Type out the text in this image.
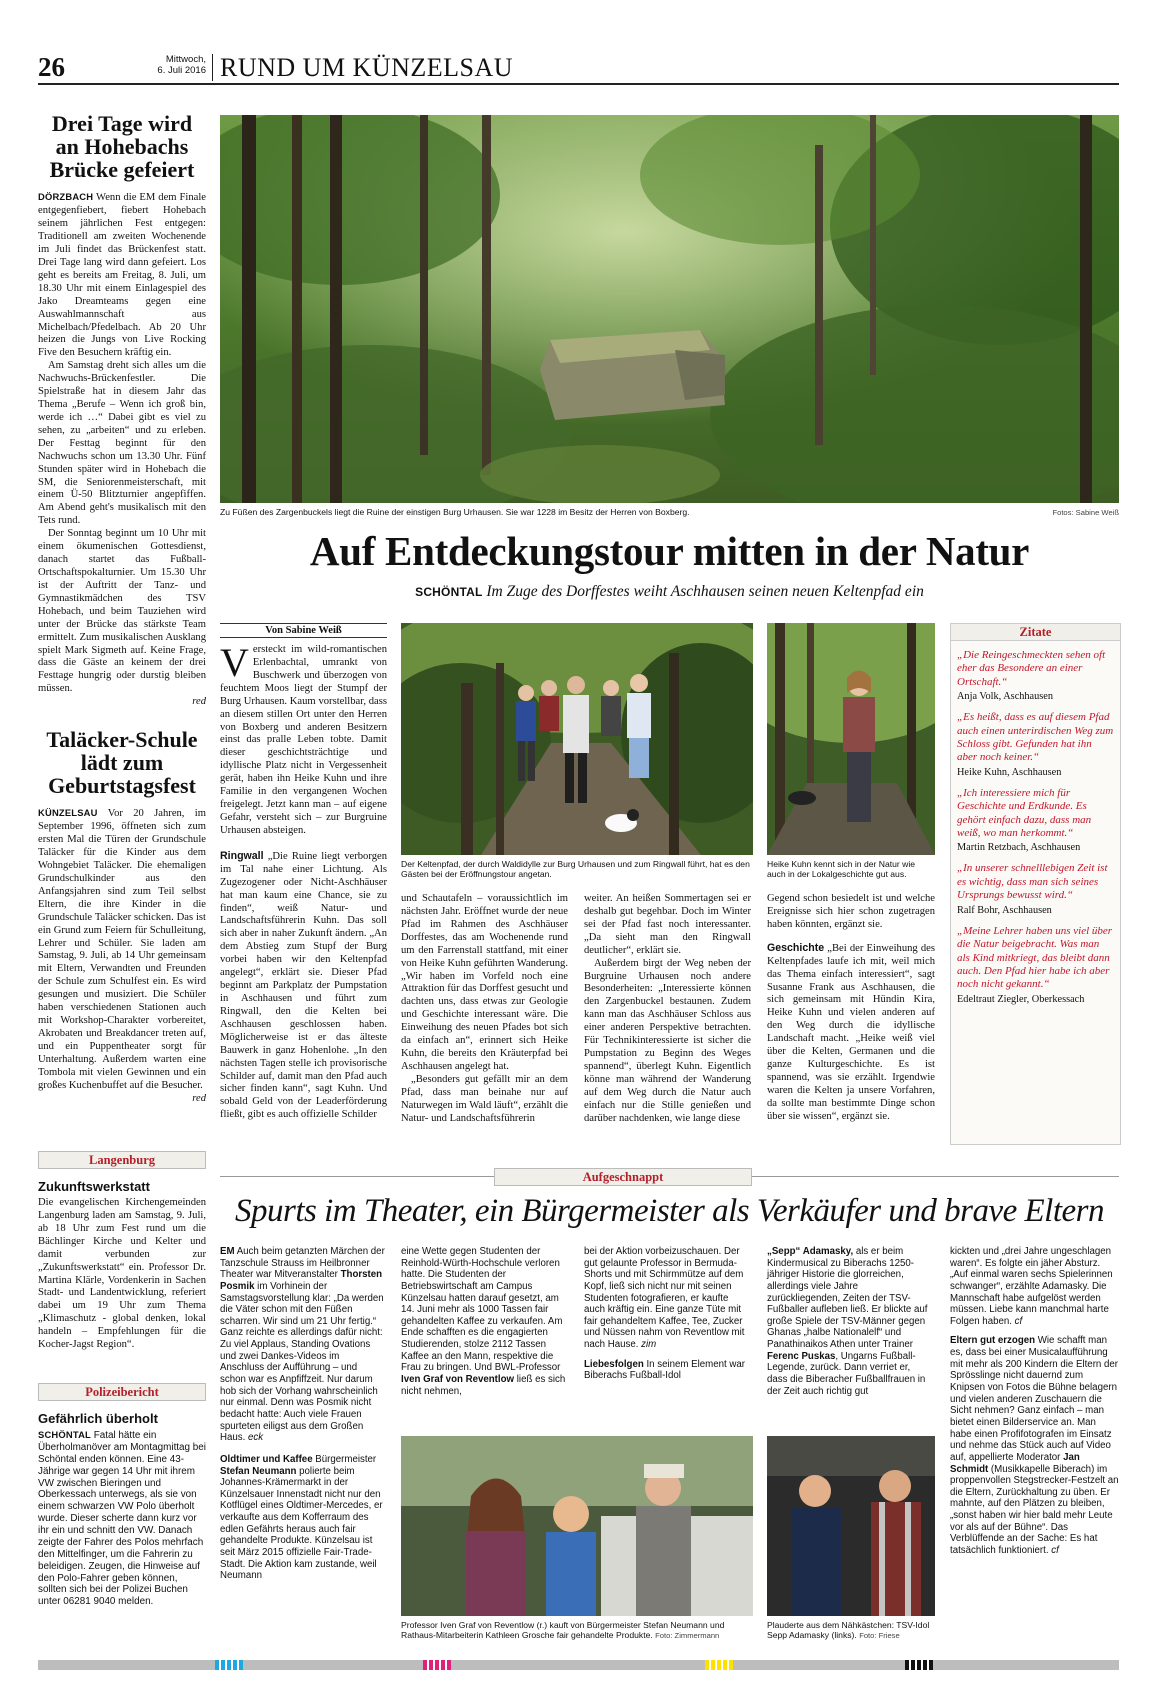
26	Mittwoch,
6. Juli 2016 RUND UM KÜNZELSAU
Drei Tage wird
an Hohebachs
Brücke gefeiert

DÖRZBACH Wenn die EM dem Finale entgegenfiebert, fiebert Hohebach seinem jährlichen Fest entgegen: Traditionell am zweiten Wochenende im Juli findet das Brückenfest statt. Drei Tage lang wird dann gefeiert. Los geht es bereits am Freitag, 8. Juli, um 18.30 Uhr mit einem Einlagespiel des Jako Dreamteams gegen eine Auswahlmannschaft aus Michelbach/Pfedelbach. Ab 20 Uhr heizen die Jungs von Live Rocking Five den Besuchern kräftig ein.

Am Samstag dreht sich alles um die Nachwuchs-Brückenfestler. Die Spielstraße hat in diesem Jahr das Thema „Berufe – Wenn ich groß bin, werde ich …“ Dabei gibt es viel zu sehen, zu „arbeiten“ und zu erleben. Der Festtag beginnt für den Nachwuchs schon um 13.30 Uhr. Fünf Stunden später wird in Hohebach die SM, die Seniorenmeisterschaft, mit einem Ü-50 Blitzturnier angepfiffen. Am Abend geht's musikalisch mit den Tets rund.

Der Sonntag beginnt um 10 Uhr mit einem ökumenischen Gottesdienst, danach startet das Fußball-Ortschaftspokalturnier. Um 15.30 Uhr ist der Auftritt der Tanz- und Gymnastikmädchen des TSV Hohebach, und beim Tauziehen wird unter der Brücke das stärkste Team ermittelt. Zum musikalischen Ausklang spielt Mark Sigmeth auf. Keine Frage, dass die Gäste an keinem der drei Festtage hungrig oder durstig bleiben müssen.

red
Taläcker-Schule
lädt zum
Geburtstagsfest

KÜNZELSAU Vor 20 Jahren, im September 1996, öffneten sich zum ersten Mal die Türen der Grundschule Taläcker für die Kinder aus dem Wohngebiet Taläcker. Die ehemaligen Grundschulkinder aus den Anfangsjahren sind zum Teil selbst Eltern, die ihre Kinder in die Grundschule Taläcker schicken. Das ist ein Grund zum Feiern für Schulleitung, Lehrer und Schüler. Sie laden am Samstag, 9. Juli, ab 14 Uhr gemeinsam mit Eltern, Verwandten und Freunden der Schule zum Schulfest ein. Es wird gesungen und musiziert. Die Schüler haben verschiedenen Stationen auch mit Workshop-Charakter vorbereitet, Akrobaten und Breakdancer treten auf, und ein Puppentheater sorgt für Unterhaltung. Außerdem warten eine Tombola mit vielen Gewinnen und ein großes Kuchenbuffet auf die Besucher.

red
Langenburg
Zukunftswerkstatt

Die evangelischen Kirchengemeinden Langenburg laden am Samstag, 9. Juli, ab 18 Uhr zum Fest rund um die Bächlinger Kirche und Kelter und damit verbunden zur „Zukunftswerkstatt“ ein. Professor Dr. Martina Klärle, Vordenkerin in Sachen Stadt- und Landentwicklung, referiert dabei um 19 Uhr zum Thema „Klimaschutz - global denken, lokal handeln – Empfehlungen für die Kocher-Jagst Region“.

Polizeibericht
Gefährlich überholt
SCHÖNTAL Fatal hätte ein Überholmanöver am Montagmittag bei Schöntal enden können. Eine 43-Jährige war gegen 14 Uhr mit ihrem VW zwischen Bieringen und Oberkessach unterwegs, als sie von einem schwarzen VW Polo überholt wurde. Dieser scherte dann kurz vor ihr ein und schnitt den VW. Danach zeigte der Fahrer des Polos mehrfach den Mittelfinger, um die Fahrerin zu beleidigen. Zeugen, die Hinweise auf den Polo-Fahrer geben können, sollten sich bei der Polizei Buchen unter 06281 9040 melden.
Zu Füßen des Zargenbuckels liegt die Ruine der einstigen Burg Urhausen. Sie war 1228 im Besitz der Herren von Boxberg.	Fotos: Sabine Weiß
Auf Entdeckungstour mitten in der Natur
SCHÖNTAL Im Zuge des Dorffestes weiht Aschhausen seinen neuen Keltenpfad ein
Von Sabine Weiß

Versteckt im wild-romantischen Erlenbachtal, umrankt von Buschwerk und überzogen von feuchtem Moos liegt der Stumpf der Burg Urhausen. Kaum vorstellbar, dass an diesem stillen Ort unter den Herren von Boxberg und anderen Besitzern einst das pralle Leben tobte. Damit dieser geschichtsträchtige und idyllische Platz nicht in Vergessenheit gerät, haben ihn Heike Kuhn und ihre Familie in den vergangenen Wochen freigelegt. Jetzt kann man – auf eigene Gefahr, versteht sich – zur Burgruine Urhausen absteigen.

Ringwall „Die Ruine liegt verborgen im Tal nahe einer Lichtung. Als Zugezogener oder Nicht-Aschhäuser hat man kaum eine Chance, sie zu finden“, weiß Natur- und Landschaftsführerin Kuhn. Das soll sich aber in naher Zukunft ändern. „An dem Abstieg zum Stupf der Burg vorbei haben wir den Keltenpfad angelegt“, erklärt sie. Dieser Pfad beginnt am Parkplatz der Pumpstation in Aschhausen und führt zum Ringwall, den die Kelten bei Aschhausen geschlossen haben. Möglicherweise ist er das älteste Bauwerk in ganz Hohenlohe. „In den nächsten Tagen stelle ich provisorische Schilder auf, damit man den Pfad auch sicher finden kann“, sagt Kuhn. Und sobald Geld von der Leaderförderung fließt, gibt es auch offizielle Schilder

Der Keltenpfad, der durch Waldidylle zur Burg Urhausen und zum Ringwall führt, hat es den Gästen bei der Eröffnungstour angetan.
Heike Kuhn kennt sich in der Natur wie auch in der Lokalgeschichte gut aus.

und Schautafeln – voraussichtlich im nächsten Jahr. Eröffnet wurde der neue Pfad im Rahmen des Aschhäuser Dorffestes, das am Wochenende rund um den Farrenstall stattfand, mit einer von Heike Kuhn geführten Wanderung. „Wir haben im Vorfeld noch eine Attraktion für das Dorffest gesucht und dachten uns, dass etwas zur Geologie und Geschichte interessant wäre. Die Einweihung des neuen Pfades bot sich da einfach an“, erinnert sich Heike Kuhn, die bereits den Kräuterpfad bei Aschhausen angelegt hat.

„Besonders gut gefällt mir an dem Pfad, dass man beinahe nur auf Naturwegen im Wald läuft“, erzählt die Natur- und Landschaftsführerin

weiter. An heißen Sommertagen sei er deshalb gut begehbar. Doch im Winter sei der Pfad fast noch interessanter. „Da sieht man den Ringwall deutlicher“, erklärt sie.

Außerdem birgt der Weg neben der Burgruine Urhausen noch andere Besonderheiten: „Interessierte können den Zargenbuckel bestaunen. Zudem kann man das Aschhäuser Schloss aus einer anderen Perspektive betrachten. Für Technikinteressierte ist sicher die Pumpstation zu Beginn des Weges spannend“, überlegt Kuhn. Eigentlich könne man während der Wanderung auf dem Weg durch die Natur auch einfach nur die Stille genießen und darüber nachdenken, wie lange diese

Gegend schon besiedelt ist und welche Ereignisse sich hier schon zugetragen haben könnten, ergänzt sie.

Geschichte „Bei der Einweihung des Keltenpfades laufe ich mit, weil mich das Thema einfach interessiert“, sagt Susanne Frank aus Aschhausen, die sich gemeinsam mit Hündin Kira, Heike Kuhn und vielen anderen auf den Weg durch die idyllische Landschaft macht. „Heike weiß viel über die Kelten, Germanen und die ganze Kulturgeschichte. Es ist spannend, was sie erzählt. Irgendwie waren die Kelten ja unsere Vorfahren, da sollte man bestimmte Dinge schon über sie wissen“, ergänzt sie.

Zitate

„Die Reingeschmeckten sehen oft eher das Besondere an einer Ortschaft.“

Anja Volk, Aschhausen

„Es heißt, dass es auf diesem Pfad auch einen unterirdischen Weg zum Schloss gibt. Gefunden hat ihn aber noch keiner.“

Heike Kuhn, Aschhausen

„Ich interessiere mich für Geschichte und Erdkunde. Es gehört einfach dazu, dass man weiß, wo man herkommt.“

Martin Retzbach, Aschhausen

„In unserer schnelllebigen Zeit ist es wichtig, dass man sich seines Ursprungs bewusst wird.“

Ralf Bohr, Aschhausen

„Meine Lehrer haben uns viel über die Natur beigebracht. Was man als Kind mitkriegt, das bleibt dann auch. Den Pfad hier habe ich aber noch nicht gekannt.“

Edeltraut Ziegler, Oberkessach

Aufgeschnappt
Spurts im Theater, ein Bürgermeister als Verkäufer und brave Eltern

EM Auch beim getanzten Märchen der Tanzschule Strauss im Heilbronner Theater war Mitveranstalter Thorsten Posmik im Vorhinein der Samstagsvorstellung klar: „Da werden die Väter schon mit den Füßen scharren. Wir sind um 21 Uhr fertig.“ Ganz reichte es allerdings dafür nicht: Zu viel Applaus, Standing Ovations und zwei Dankes-Videos im Anschluss der Aufführung – und schon war es Anpfiffzeit. Nur darum hob sich der Vorhang wahrscheinlich nur einmal. Denn was Posmik nicht bedacht hatte: Auch viele Frauen spurteten eiligst aus dem Großen Haus. eck

Oldtimer und Kaffee Bürgermeister Stefan Neumann polierte beim Johannes-Krämermarkt in der Künzelsauer Innenstadt nicht nur den Kotflügel eines Oldtimer-Mercedes, er verkaufte aus dem Kofferraum des edlen Gefährts heraus auch fair gehandelte Produkte. Künzelsau ist seit März 2015 offizielle Fair-Trade-Stadt. Die Aktion kam zustande, weil Neumann

eine Wette gegen Studenten der Reinhold-Würth-Hochschule verloren hatte. Die Studenten der Betriebswirtschaft am Campus Künzelsau hatten darauf gesetzt, am 14. Juni mehr als 1000 Tassen fair gehandelten Kaffee zu verkaufen. Am Ende schafften es die engagierten Studierenden, stolze 2112 Tassen Kaffee an den Mann, respektive die Frau zu bringen. Und BWL-Professor Iven Graf von Reventlow ließ es sich nicht nehmen,

bei der Aktion vorbeizuschauen. Der gut gelaunte Professor in Bermuda-Shorts und mit Schirmmütze auf dem Kopf, ließ sich nicht nur mit seinen Studenten fotografieren, er kaufte auch kräftig ein. Eine ganze Tüte mit fair gehandeltem Kaffee, Tee, Zucker und Nüssen nahm von Reventlow mit nach Hause. zim

Liebesfolgen In seinem Element war Biberachs Fußball-Idol

„Sepp“ Adamasky, als er beim Kindermusical zu Biberachs 1250-jähriger Historie die glorreichen, allerdings viele Jahre zurückliegenden, Zeiten der TSV-Fußballer aufleben ließ. Er blickte auf große Spiele der TSV-Männer gegen Ghanas „halbe Nationalelf“ und Panathinaikos Athen unter Trainer Ferenc Puskas, Ungarns Fußball-Legende, zurück. Dann verriet er, dass die Biberacher Fußballfrauen in der Zeit auch richtig gut

kickten und „drei Jahre ungeschlagen waren“. Es folgte ein jäher Absturz. „Auf einmal waren sechs Spielerinnen schwanger“, erzählte Adamasky. Die Mannschaft habe aufgelöst werden müssen. Liebe kann manchmal harte Folgen haben. cf

Eltern gut erzogen Wie schafft man es, dass bei einer Musicalaufführung mit mehr als 200 Kindern die Eltern der Sprösslinge nicht dauernd zum Knipsen von Fotos die Bühne belagern und vielen anderen Zuschauern die Sicht nehmen? Ganz einfach – man bietet einen Bilderservice an. Man habe einen Profifotografen im Einsatz und nehme das Stück auch auf Video auf, appellierte Moderator Jan Schmidt (Musikkapelle Biberach) im proppenvollen Stegstrecker-Festzelt an die Eltern, Zurückhaltung zu üben. Er mahnte, auf den Plätzen zu bleiben, „sonst haben wir hier bald mehr Leute vor als auf der Bühne“. Das Verblüffende an der Sache: Es hat tatsächlich funktioniert. cf

Professor Iven Graf von Reventlow (r.) kauft von Bürgermeister Stefan Neumann und Rathaus-Mitarbeiterin Kathleen Grosche fair gehandelte Produkte. Foto: Zimmermann
Plauderte aus dem Nähkästchen: TSV-Idol Sepp Adamasky (links). Foto: Friese
